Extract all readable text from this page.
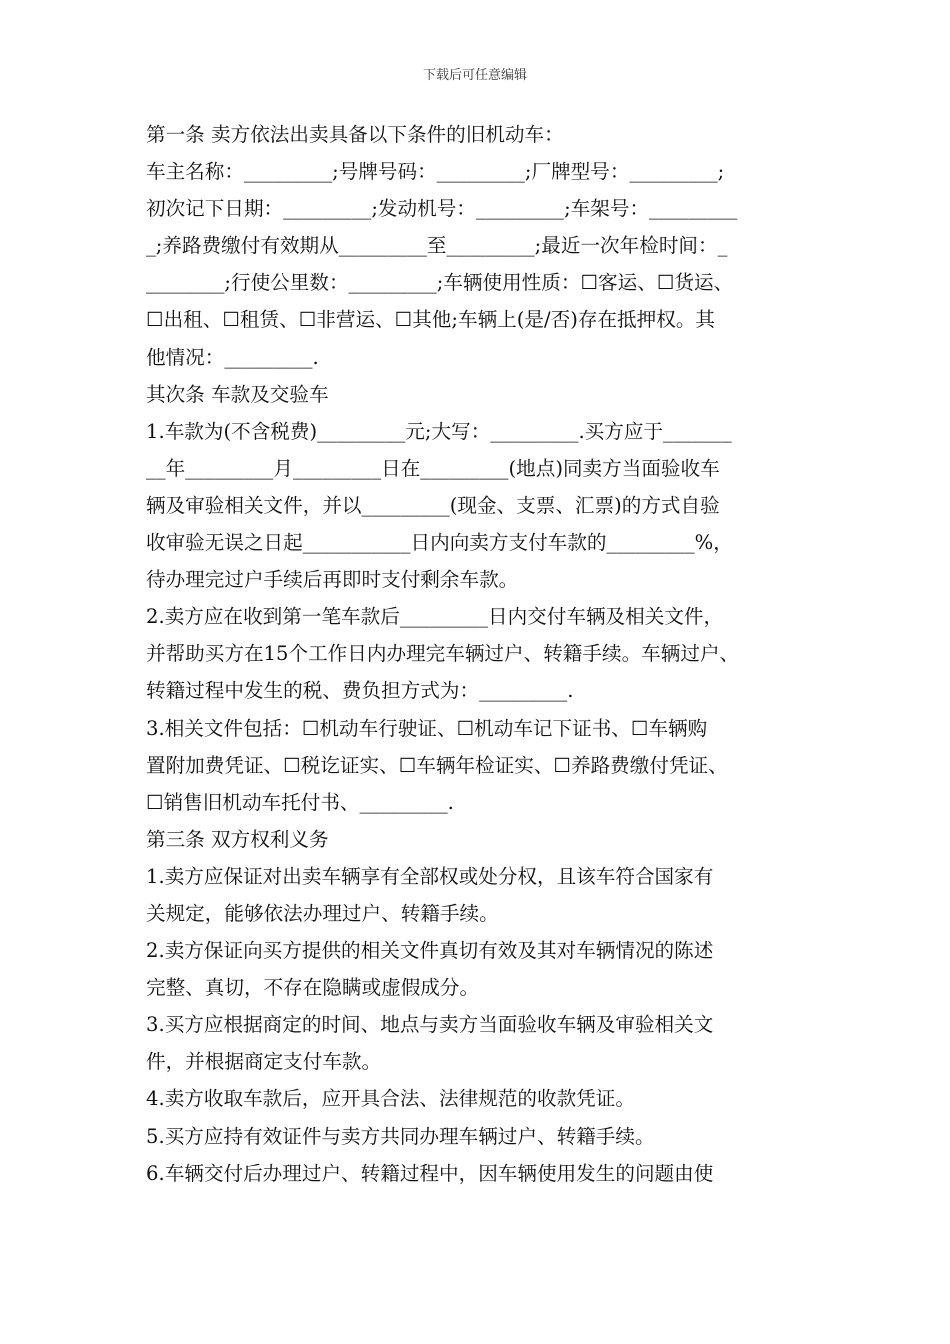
下载后可任意编辑
第一条 卖方依法出卖具备以下条件的旧机动车：
车主名称：_________;号牌号码：_________;厂牌型号：_________;
初次记下日期：_________;发动机号：_________;车架号：_________
_;养路费缴付有效期从_________至_________;最近一次年检时间：_
________;行使公里数：_________;车辆使用性质：☐客运、☐货运、
☐出租、☐租赁、☐非营运、☐其他;车辆上(是/否)存在抵押权。其
他情况：_________.
其次条 车款及交验车
1.车款为(不含税费)_________元;大写：_________.买方应于_______
__年_________月_________日在_________(地点)同卖方当面验收车
辆及审验相关文件，并以_________(现金、支票、汇票)的方式自验
收审验无误之日起___________日内向卖方支付车款的_________%，
待办理完过户手续后再即时支付剩余车款。
2.卖方应在收到第一笔车款后_________日内交付车辆及相关文件，
并帮助买方在15个工作日内办理完车辆过户、转籍手续。车辆过户、
转籍过程中发生的税、费负担方式为：_________.
3.相关文件包括：☐机动车行驶证、☐机动车记下证书、☐车辆购
置附加费凭证、☐税讫证实、☐车辆年检证实、☐养路费缴付凭证、
☐销售旧机动车托付书、_________.
第三条 双方权利义务
1.卖方应保证对出卖车辆享有全部权或处分权，且该车符合国家有
关规定，能够依法办理过户、转籍手续。
2.卖方保证向买方提供的相关文件真切有效及其对车辆情况的陈述
完整、真切，不存在隐瞒或虚假成分。
3.买方应根据商定的时间、地点与卖方当面验收车辆及审验相关文
件，并根据商定支付车款。
4.卖方收取车款后，应开具合法、法律规范的收款凭证。
5.买方应持有效证件与卖方共同办理车辆过户、转籍手续。
6.车辆交付后办理过户、转籍过程中，因车辆使用发生的问题由使
